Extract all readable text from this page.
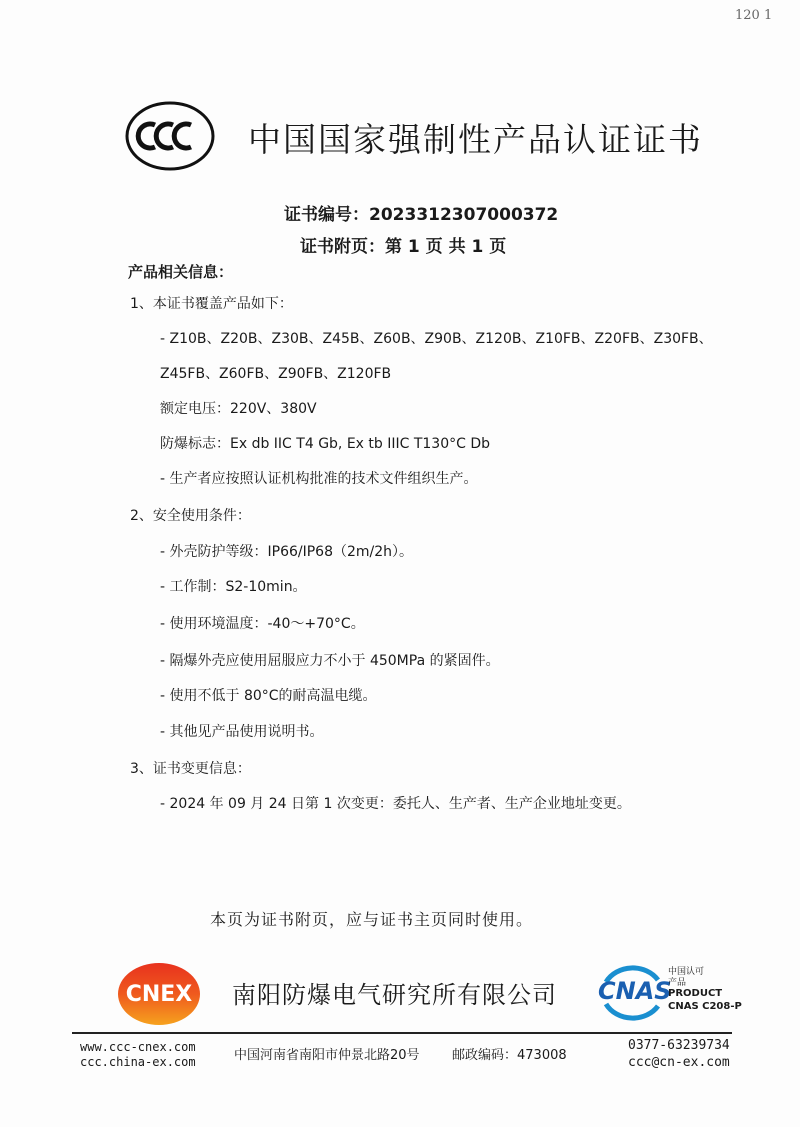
120 1
中国国家强制性产品认证证书
证书编号：2023312307000372
证书附页：第 1 页 共 1 页
产品相关信息：
1、本证书覆盖产品如下：
- Z10B、Z20B、Z30B、Z45B、Z60B、Z90B、Z120B、Z10FB、Z20FB、Z30FB、
Z45FB、Z60FB、Z90FB、Z120FB
额定电压：220V、380V
防爆标志：Ex db IIC T4 Gb, Ex tb IIIC T130°C Db
- 生产者应按照认证机构批准的技术文件组织生产。
2、安全使用条件：
- 外壳防护等级：IP66/IP68（2m/2h）。
- 工作制：S2-10min。
- 使用环境温度：-40～+70°C。
- 隔爆外壳应使用屈服应力不小于 450MPa 的紧固件。
- 使用不低于 80°C的耐高温电缆。
- 其他见产品使用说明书。
3、证书变更信息：
- 2024 年 09 月 24 日第 1 次变更：委托人、生产者、生产企业地址变更。
本页为证书附页，应与证书主页同时使用。
CNEX 南阳防爆电气研究所有限公司 CNAS
中国认可
产品
PRODUCT
CNAS C208-P
www.ccc-cnex.com
ccc.china-ex.com	中国河南省南阳市仲景北路20号 邮政编码：473008
0377-63239734
ccc@cn-ex.com
